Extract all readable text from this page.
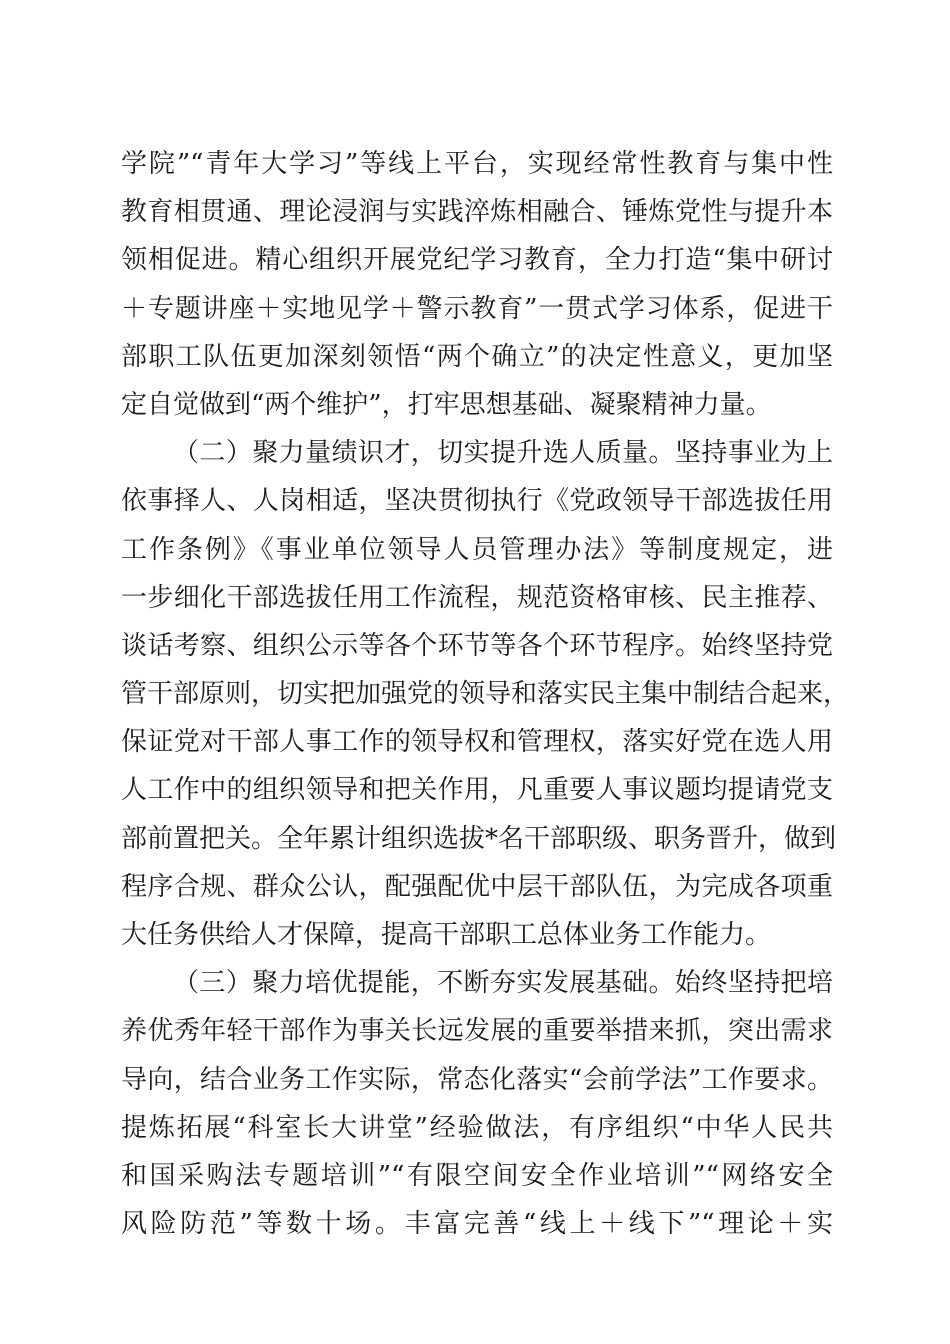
学院”“青年大学习”等线上平台，实现经常性教育与集中性
教育相贯通、理论浸润与实践淬炼相融合、锤炼党性与提升本
领相促进。精心组织开展党纪学习教育，全力打造“集中研讨
＋专题讲座＋实地见学＋警示教育”一贯式学习体系，促进干
部职工队伍更加深刻领悟“两个确立”的决定性意义，更加坚
定自觉做到“两个维护”，打牢思想基础、凝聚精神力量。
（二）聚力量绩识才，切实提升选人质量。坚持事业为上
依事择人、人岗相适，坚决贯彻执行《党政领导干部选拔任用
工作条例》《事业单位领导人员管理办法》等制度规定，进
一步细化干部选拔任用工作流程，规范资格审核、民主推荐、
谈话考察、组织公示等各个环节等各个环节程序。始终坚持党
管干部原则，切实把加强党的领导和落实民主集中制结合起来，
保证党对干部人事工作的领导权和管理权，落实好党在选人用
人工作中的组织领导和把关作用，凡重要人事议题均提请党支
部前置把关。全年累计组织选拔*名干部职级、职务晋升，做到
程序合规、群众公认，配强配优中层干部队伍，为完成各项重
大任务供给人才保障，提高干部职工总体业务工作能力。
（三）聚力培优提能，不断夯实发展基础。始终坚持把培
养优秀年轻干部作为事关长远发展的重要举措来抓，突出需求
导向，结合业务工作实际，常态化落实“会前学法”工作要求。
提炼拓展“科室长大讲堂”经验做法，有序组织“中华人民共
和国采购法专题培训”“有限空间安全作业培训”“网络安全
风险防范”等数十场。丰富完善“线上＋线下”“理论＋实
